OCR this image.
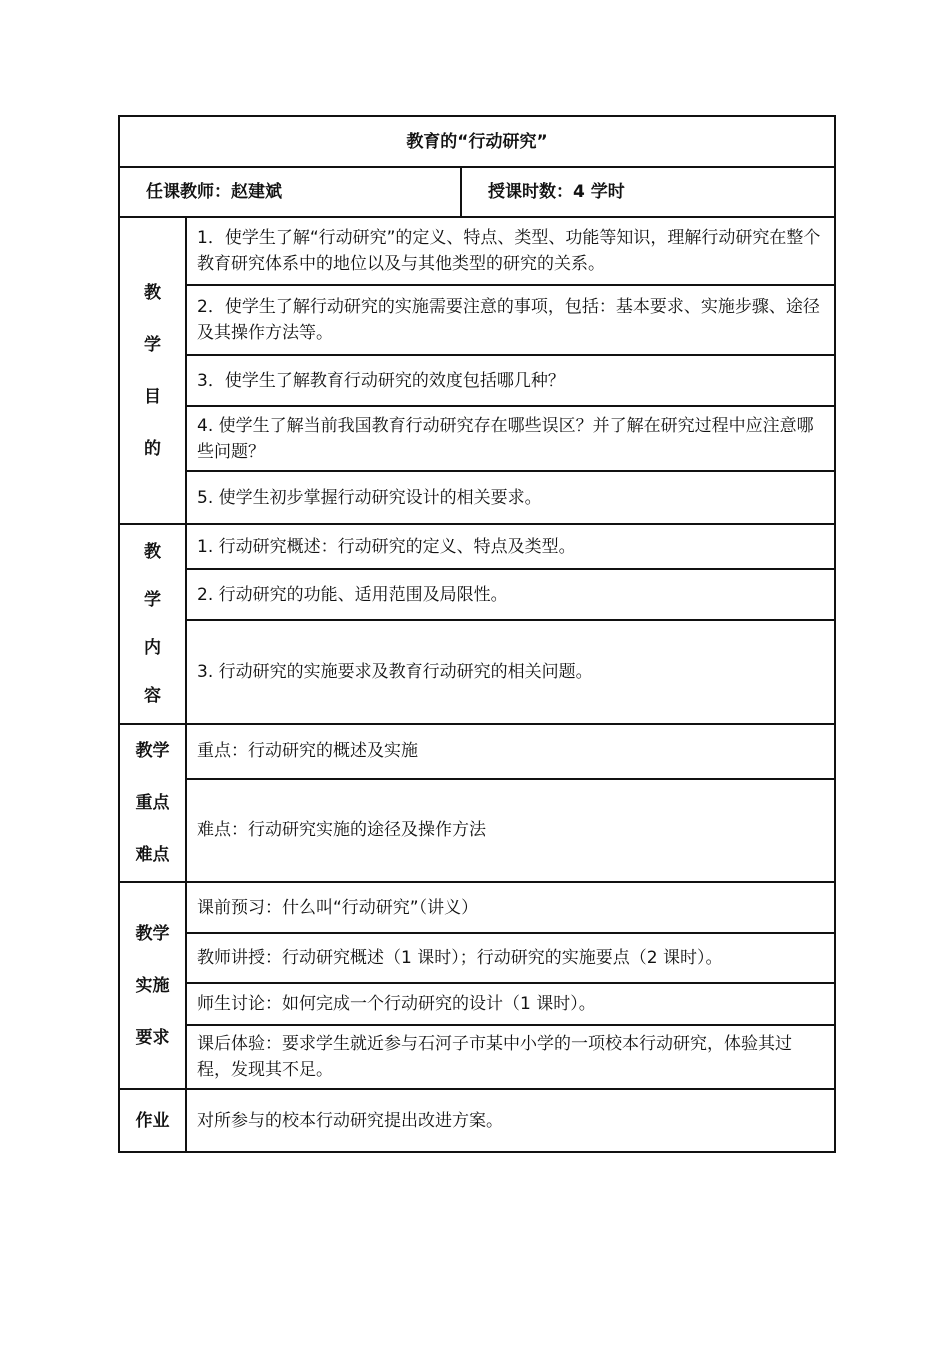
教育的“行动研究”		
任课教师：赵建斌		授课时数：4 学时

教
学
目
的	1．使学生了解“行动研究”的定义、特点、类型、功能等知识，理解行动研究在整个教育研究体系中的地位以及与其他类型的研究的关系。	
	2．使学生了解行动研究的实施需要注意的事项，包括：基本要求、实施步骤、途径及其操作方法等。	
	3．使学生了解教育行动研究的效度包括哪几种？	
	4. 使学生了解当前我国教育行动研究存在哪些误区？并了解在研究过程中应注意哪些问题？	
	5. 使学生初步掌握行动研究设计的相关要求。	

教
学
内
容	1. 行动研究概述：行动研究的定义、特点及类型。	
	2. 行动研究的功能、适用范围及局限性。	
	3. 行动研究的实施要求及教育行动研究的相关问题。	

教学
重点
难点	重点：行动研究的概述及实施	
	难点：行动研究实施的途径及操作方法	

教学
实施
要求	课前预习：什么叫“行动研究”（讲义）	
	教师讲授：行动研究概述（1 课时）；行动研究的实施要点（2 课时）。	
	师生讨论：如何完成一个行动研究的设计（1 课时）。	
	课后体验：要求学生就近参与石河子市某中小学的一项校本行动研究，体验其过程，发现其不足。	
作业	对所参与的校本行动研究提出改进方案。	
